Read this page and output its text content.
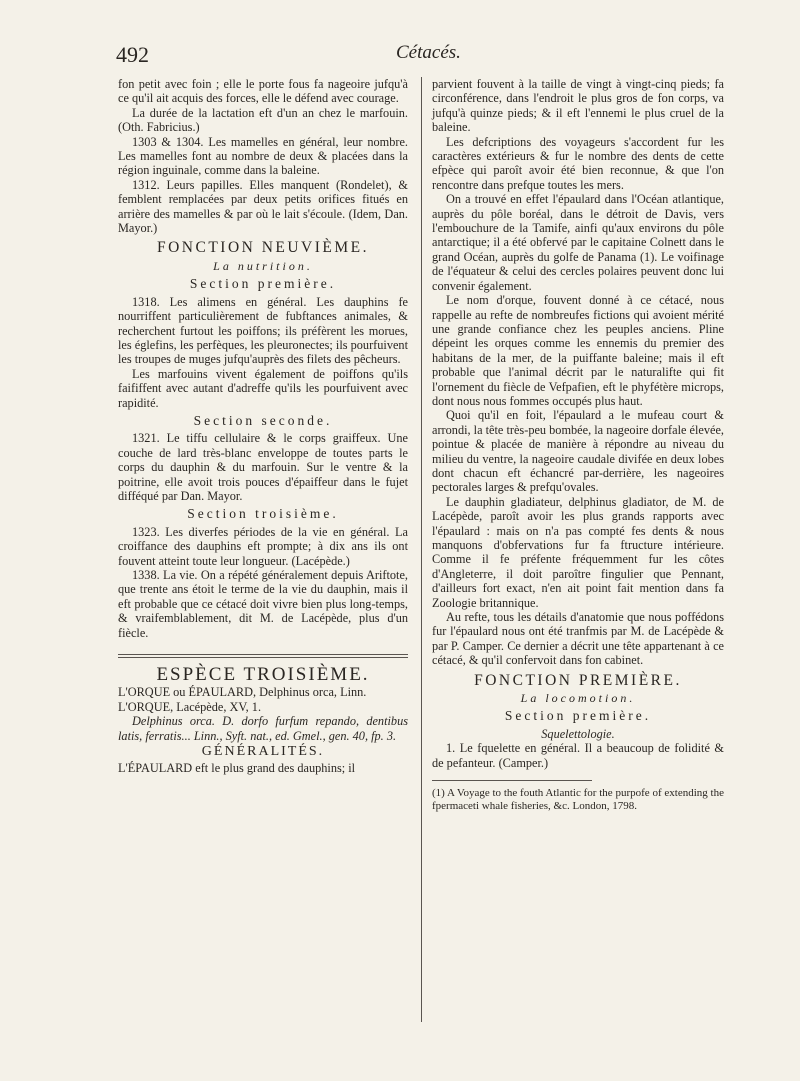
492	Cétacés.

fon petit avec foin ; elle le porte fous fa nageoire jufqu'à ce qu'il ait acquis des forces, elle le défend avec courage.

La durée de la lactation eft d'un an chez le marfouin. (Oth. Fabricius.)

1303 & 1304. Les mamelles en général, leur nombre. Les mamelles font au nombre de deux & placées dans la région inguinale, comme dans la baleine.

1312. Leurs papilles. Elles manquent (Rondelet), & femblent remplacées par deux petits orifices fitués en arrière des mamelles & par où le lait s'écoule. (Idem, Dan. Mayor.)

FONCTION NEUVIÈME.
La nutrition.
Section première.

1318. Les alimens en général. Les dauphins fe nourriffent particulièrement de fubftances animales, & recherchent furtout les poiffons; ils préfèrent les morues, les églefins, les perfèques, les pleuronectes; ils pourfuivent les troupes de muges jufqu'auprès des filets des pêcheurs.

Les marfouins vivent également de poiffons qu'ils faififfent avec autant d'adreffe qu'ils les pourfuivent avec rapidité.

Section seconde.

1321. Le tiffu cellulaire & le corps graiffeux. Une couche de lard très-blanc enveloppe de toutes parts le corps du dauphin & du marfouin. Sur le ventre & la poitrine, elle avoit trois pouces d'épaiffeur dans le fujet difféqué par Dan. Mayor.

Section troisième.

1323. Les diverfes périodes de la vie en général. La croiffance des dauphins eft prompte; à dix ans ils ont fouvent atteint toute leur longueur. (Lacépède.)

1338. La vie. On a répété généralement depuis Ariftote, que trente ans étoit le terme de la vie du dauphin, mais il eft probable que ce cétacé doit vivre bien plus long-temps, & vraifemblablement, dit M. de Lacépède, plus d'un fiècle.

ESPÈCE TROISIÈME.

L'ORQUE ou ÉPAULARD, Delphinus orca, Linn.

L'ORQUE, Lacépède, XV, 1.

Delphinus orca. D. dorfo furfum repando, dentibus latis, ferratis... Linn., Syft. nat., ed. Gmel., gen. 40, fp. 3.

GÉNÉRALITÉS.

L'ÉPAULARD eft le plus grand des dauphins; il

parvient fouvent à la taille de vingt à vingt-cinq pieds; fa circonférence, dans l'endroit le plus gros de fon corps, va jufqu'à quinze pieds; & il eft l'ennemi le plus cruel de la baleine.

Les defcriptions des voyageurs s'accordent fur les caractères extérieurs & fur le nombre des dents de cette efpèce qui paroît avoir été bien reconnue, & que l'on rencontre dans prefque toutes les mers.

On a trouvé en effet l'épaulard dans l'Océan atlantique, auprès du pôle boréal, dans le détroit de Davis, vers l'embouchure de la Tamife, ainfi qu'aux environs du pôle antarctique; il a été obfervé par le capitaine Colnett dans le grand Océan, auprès du golfe de Panama (1). Le voifinage de l'équateur & celui des cercles polaires peuvent donc lui convenir également.

Le nom d'orque, fouvent donné à ce cétacé, nous rappelle au refte de nombreufes fictions qui avoient mérité une grande confiance chez les peuples anciens. Pline dépeint les orques comme les ennemis du premier des habitans de la mer, de la puiffante baleine; mais il eft probable que l'animal décrit par le naturalifte qui fit l'ornement du fiècle de Vefpafien, eft le phyfétère microps, dont nous nous fommes occupés plus haut.

Quoi qu'il en foit, l'épaulard a le mufeau court & arrondi, la tête très-peu bombée, la nageoire dorfale élevée, pointue & placée de manière à répondre au niveau du milieu du ventre, la nageoire caudale divifée en deux lobes dont chacun eft échancré par-derrière, les nageoires pectorales larges & prefqu'ovales.

Le dauphin gladiateur, delphinus gladiator, de M. de Lacépède, paroît avoir les plus grands rapports avec l'épaulard : mais on n'a pas compté fes dents & nous manquons d'obfervations fur fa ftructure intérieure. Comme il fe préfente fréquemment fur les côtes d'Angleterre, il doit paroître fingulier que Pennant, d'ailleurs fort exact, n'en ait point fait mention dans fa Zoologie britannique.

Au refte, tous les détails d'anatomie que nous poffédons fur l'épaulard nous ont été tranfmis par M. de Lacépède & par P. Camper. Ce dernier a décrit une tête appartenant à ce cétacé, & qu'il confervoit dans fon cabinet.

FONCTION PREMIÈRE.
La locomotion.
Section première.
Squelettologie.

1. Le fquelette en général. Il a beaucoup de folidité & de pefanteur. (Camper.)

(1) A Voyage to the fouth Atlantic for the purpofe of extending the fpermaceti whale fisheries, &c. London, 1798.
